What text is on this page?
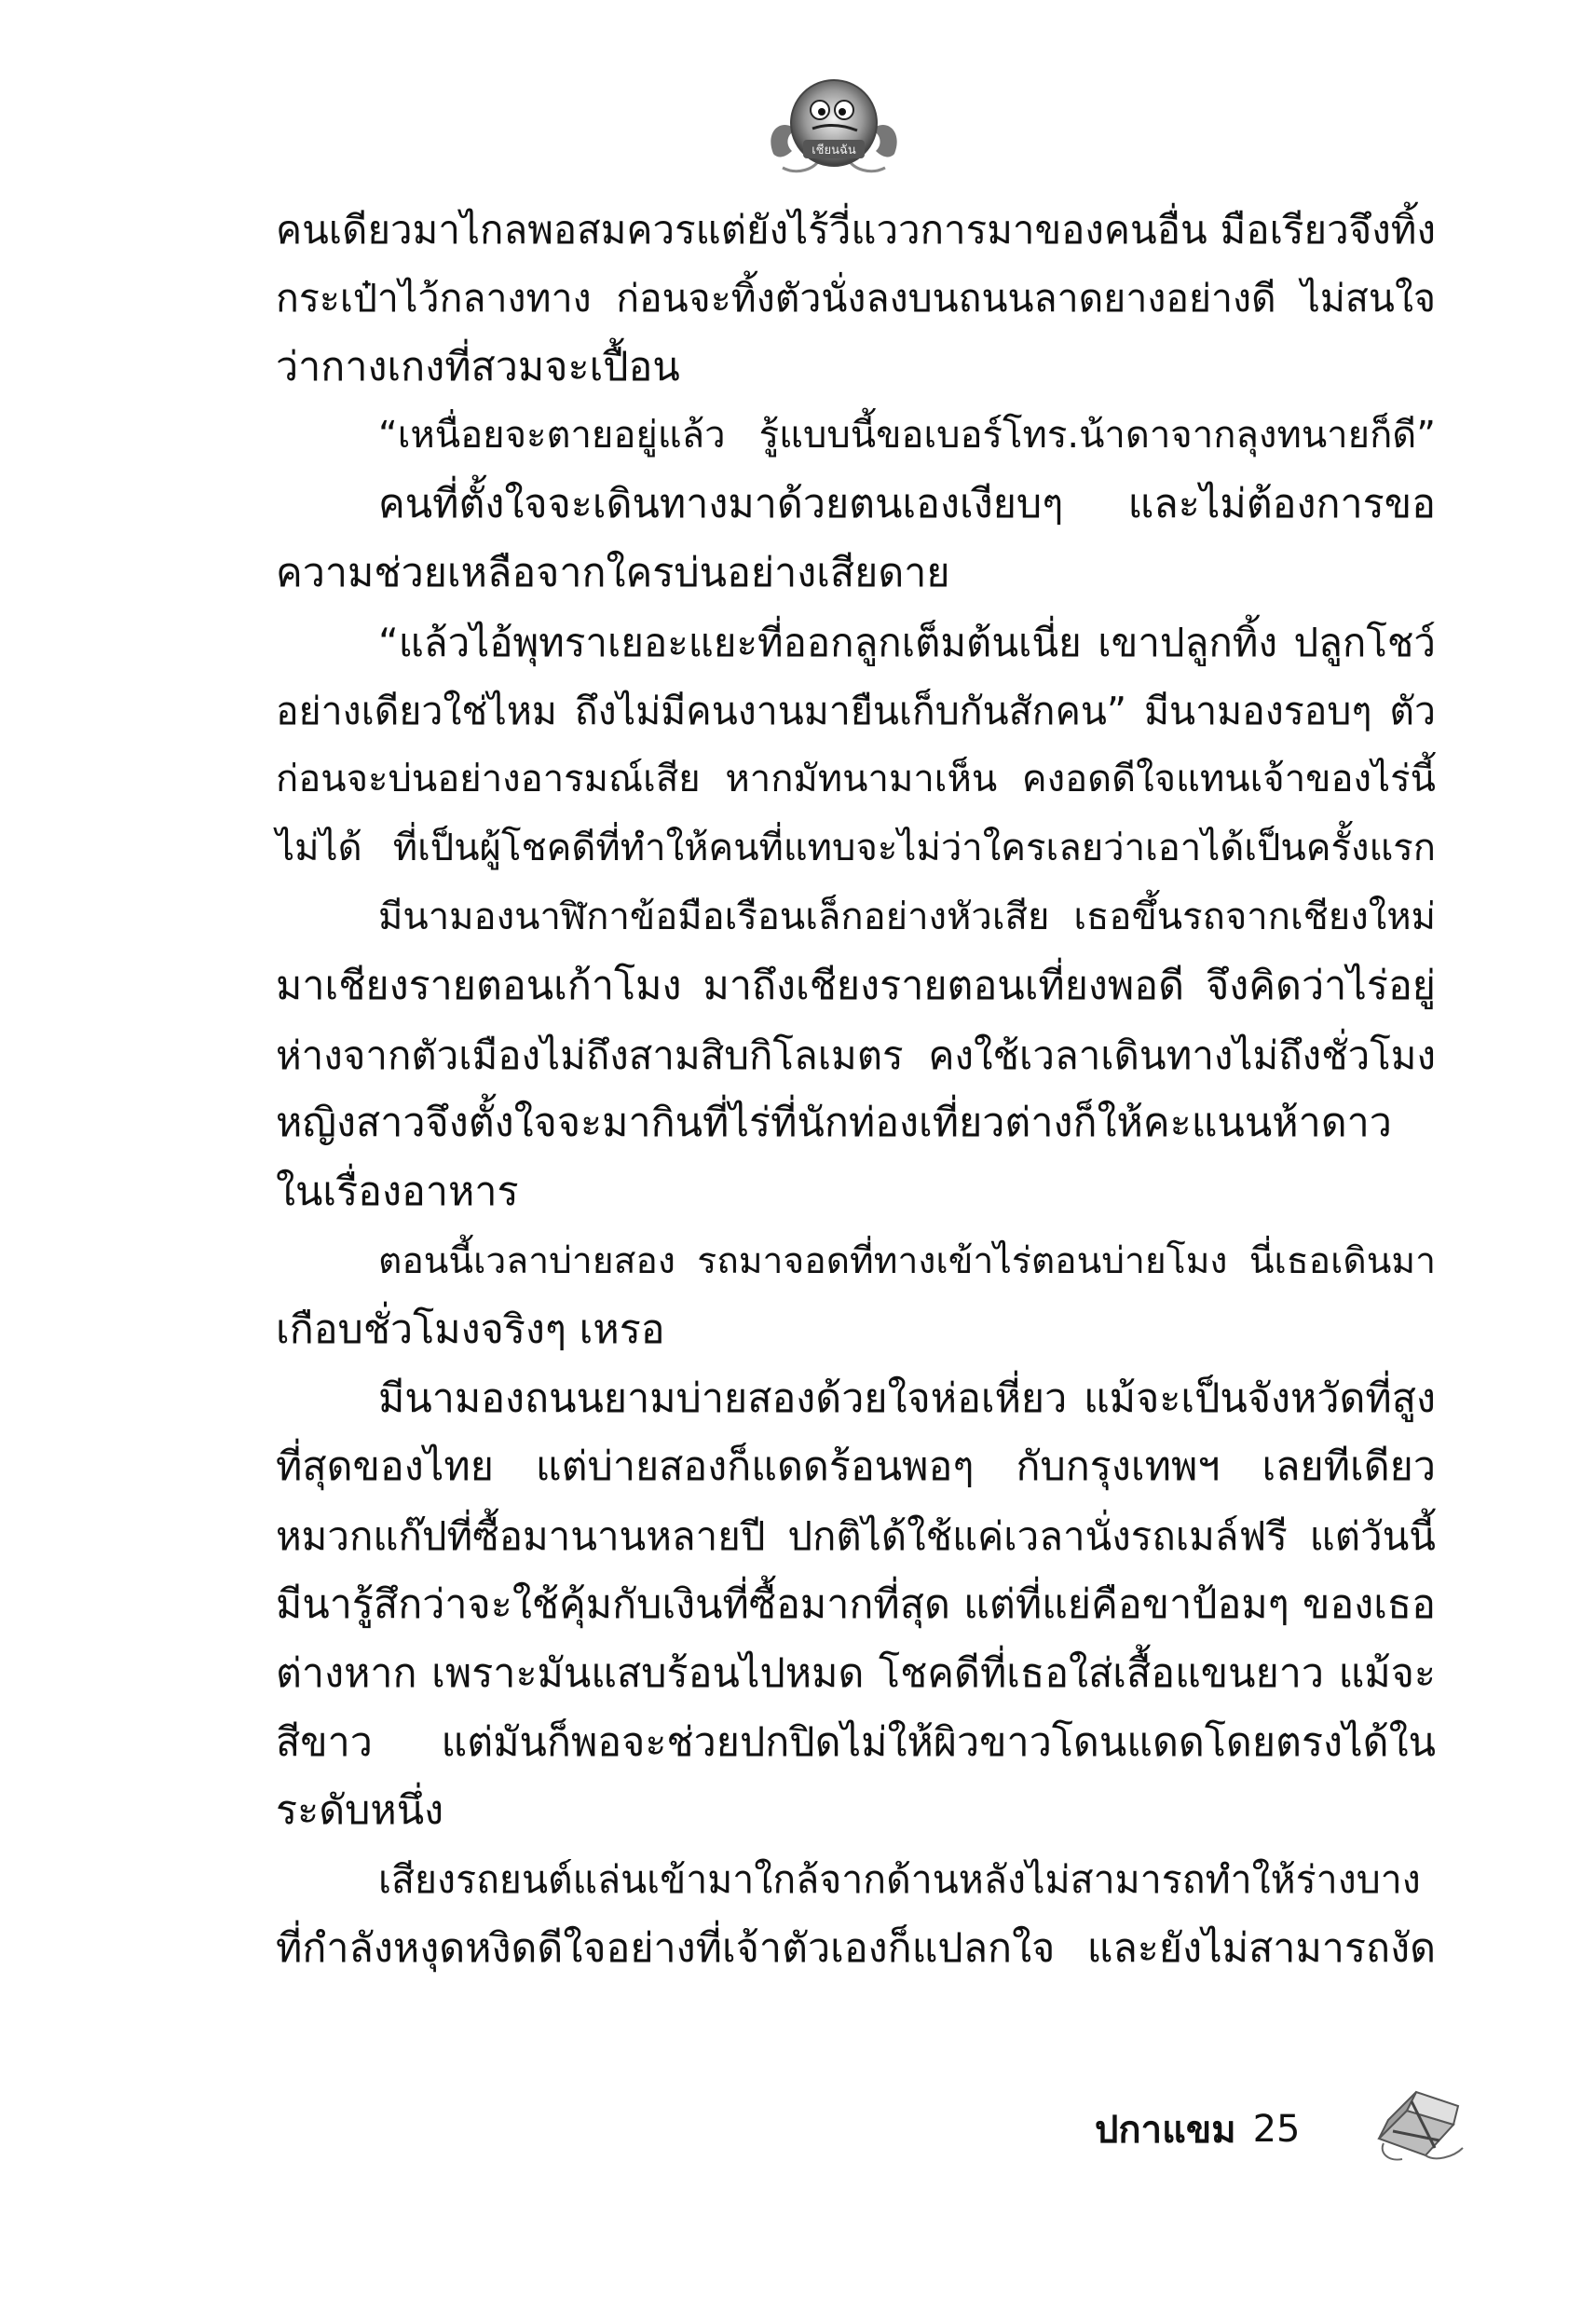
เชียนฉัน
คนเดียวมาไกลพอสมควรแต่ยังไร้วี่แววการมาของคนอื่น มือเรียวจึงทิ้ง
กระเป๋าไว้กลางทาง ก่อนจะทิ้งตัวนั่งลงบนถนนลาดยางอย่างดี ไม่สนใจ
ว่ากางเกงที่สวมจะเปื้อน
“เหนื่อยจะตายอยู่แล้ว รู้แบบนี้ขอเบอร์โทร.น้าดาจากลุงทนายก็ดี”
คนที่ตั้งใจจะเดินทางมาด้วยตนเองเงียบๆ และไม่ต้องการขอ
ความช่วยเหลือจากใครบ่นอย่างเสียดาย
“แล้วไอ้พุทราเยอะแยะที่ออกลูกเต็มต้นเนี่ย เขาปลูกทิ้ง ปลูกโชว์
อย่างเดียวใช่ไหม ถึงไม่มีคนงานมายืนเก็บกันสักคน” มีนามองรอบๆ ตัว
ก่อนจะบ่นอย่างอารมณ์เสีย หากมัทนามาเห็น คงอดดีใจแทนเจ้าของไร่นี้
ไม่ได้ ที่เป็นผู้โชคดีที่ทำให้คนที่แทบจะไม่ว่าใครเลยว่าเอาได้เป็นครั้งแรก
มีนามองนาฬิกาข้อมือเรือนเล็กอย่างหัวเสีย เธอขึ้นรถจากเชียงใหม่
มาเชียงรายตอนเก้าโมง มาถึงเชียงรายตอนเที่ยงพอดี จึงคิดว่าไร่อยู่
ห่างจากตัวเมืองไม่ถึงสามสิบกิโลเมตร คงใช้เวลาเดินทางไม่ถึงชั่วโมง
หญิงสาวจึงตั้งใจจะมากินที่ไร่ที่นักท่องเที่ยวต่างก็ให้คะแนนห้าดาว
ในเรื่องอาหาร
ตอนนี้เวลาบ่ายสอง รถมาจอดที่ทางเข้าไร่ตอนบ่ายโมง นี่เธอเดินมา
เกือบชั่วโมงจริงๆ เหรอ
มีนามองถนนยามบ่ายสองด้วยใจห่อเหี่ยว แม้จะเป็นจังหวัดที่สูง
ที่สุดของไทย แต่บ่ายสองก็แดดร้อนพอๆ กับกรุงเทพฯ เลยทีเดียว
หมวกแก๊ปที่ซื้อมานานหลายปี ปกติได้ใช้แค่เวลานั่งรถเมล์ฟรี แต่วันนี้
มีนารู้สึกว่าจะใช้คุ้มกับเงินที่ซื้อมากที่สุด แต่ที่แย่คือขาป้อมๆ ของเธอ
ต่างหาก เพราะมันแสบร้อนไปหมด โชคดีที่เธอใส่เสื้อแขนยาว แม้จะ
สีขาว แต่มันก็พอจะช่วยปกปิดไม่ให้ผิวขาวโดนแดดโดยตรงได้ใน
ระดับหนึ่ง
เสียงรถยนต์แล่นเข้ามาใกล้จากด้านหลังไม่สามารถทำให้ร่างบาง
ที่กำลังหงุดหงิดดีใจอย่างที่เจ้าตัวเองก็แปลกใจ และยังไม่สามารถงัด
ปกาแขม 25
